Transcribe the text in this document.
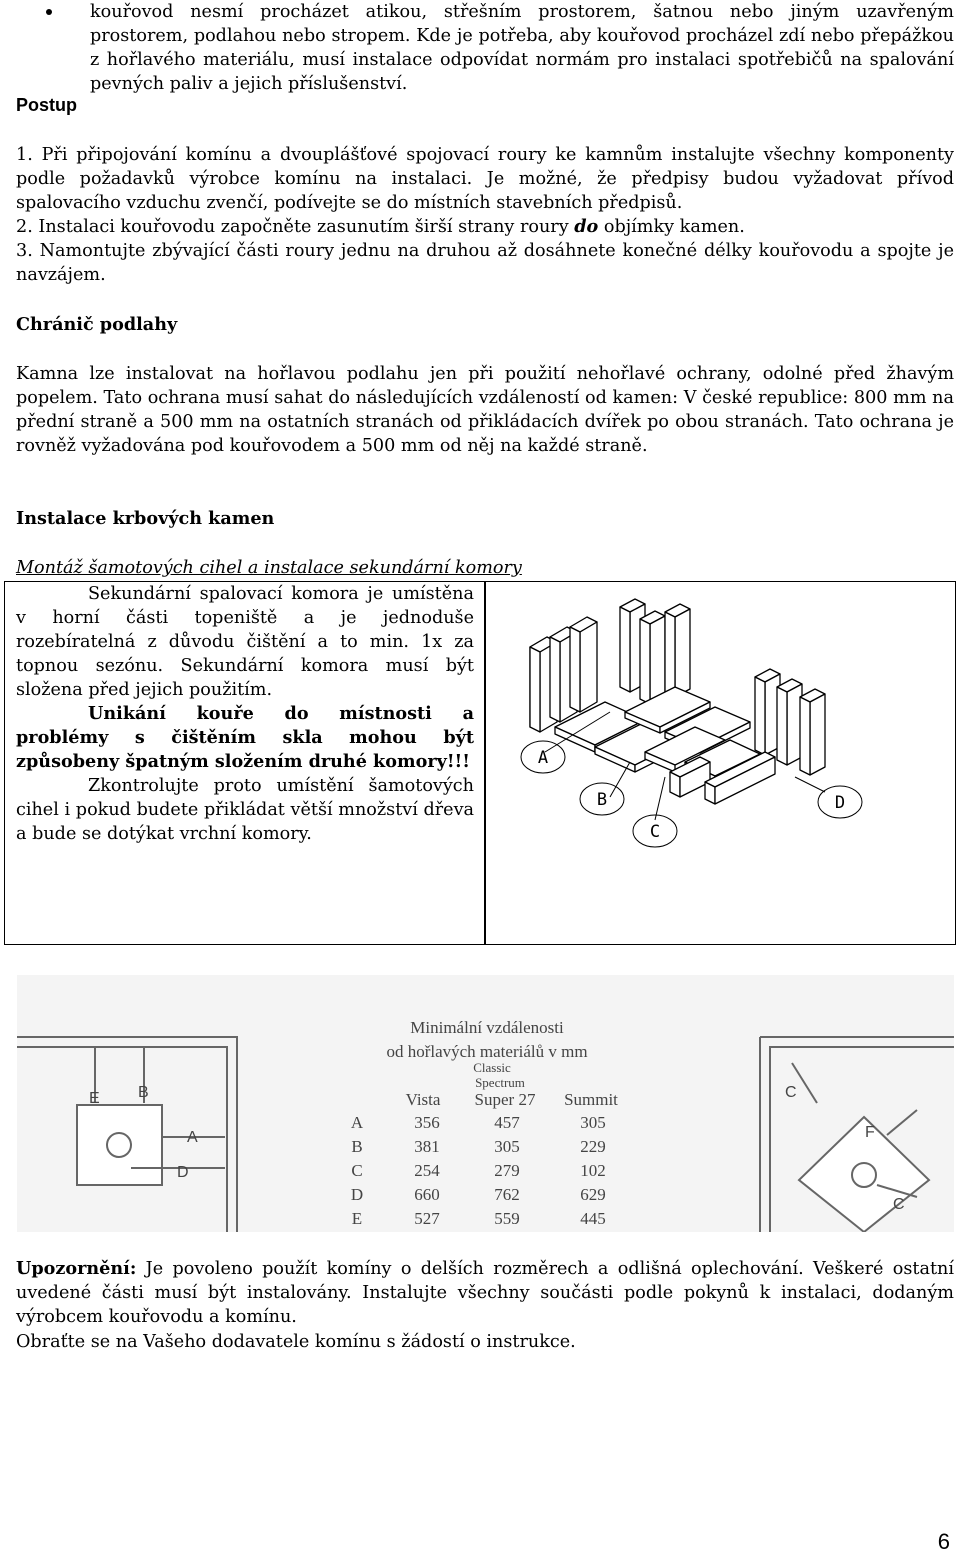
kouřovod nesmí procházet atikou, střešním prostorem, šatnou nebo jiným uzavřeným prostorem, podlahou nebo stropem. Kde je potřeba, aby kouřovod procházel zdí nebo přepážkou z hořlavého materiálu, musí instalace odpovídat normám pro instalaci spotřebičů na spalování pevných paliv a jejich příslušenství.
Postup
1. Při připojování komínu a dvouplášťové spojovací roury ke kamnům instalujte všechny komponenty podle požadavků výrobce komínu na instalaci. Je možné, že předpisy budou vyžadovat přívod spalovacího vzduchu zvenčí, podívejte se do místních stavebních předpisů.
2. Instalaci kouřovodu započněte zasunutím širší strany roury do objímky kamen.
3. Namontujte zbývající části roury jednu na druhou až dosáhnete konečné délky kouřovodu a spojte je navzájem.
Chránič podlahy
Kamna lze instalovat na hořlavou podlahu jen při použití nehořlavé ochrany, odolné před žhavým popelem. Tato ochrana musí sahat do následujících vzdáleností od kamen: V české republice: 800 mm na přední straně a 500 mm na ostatních stranách od přikládacích dvířek po obou stranách. Tato ochrana je rovněž vyžadována pod kouřovodem a 500 mm od něj na každé straně.
Instalace krbových kamen
Montáž šamotových cihel a instalace sekundární komory

Sekundární spalovací komora je umístěna v horní části topeniště a je jednoduše rozebíratelná z důvodu čištění a to min. 1x za topnou sezónu. Sekundární komora musí být složena před jejich použitím.

Unikání kouře do místnosti a problémy s čištěním skla mohou být způsobeny špatným složením druhé komory!!!

Zkontrolujte proto umístění šamotových cihel i pokud budete přikládat větší množství dřeva a bude se dotýkat vrchní komory.

A
B
C
D
E B
A
D
Minimální vzdálenosti
od hořlavých materiálů v mm
Classic
Spectrum
Vista Super 27 Summit
A	356	457	305
B	381	305	229
C	254	279	102
D	660	762	629
E	527	559	445
C
F
C
Upozornění: Je povoleno použít komíny o delších rozměrech a odlišná oplechování. Veškeré ostatní uvedené části musí být instalovány. Instalujte všechny součásti podle pokynů k instalaci, dodaným výrobcem kouřovodu a komínu.
Obraťte se na Vašeho dodavatele komínu s žádostí o instrukce.
6
